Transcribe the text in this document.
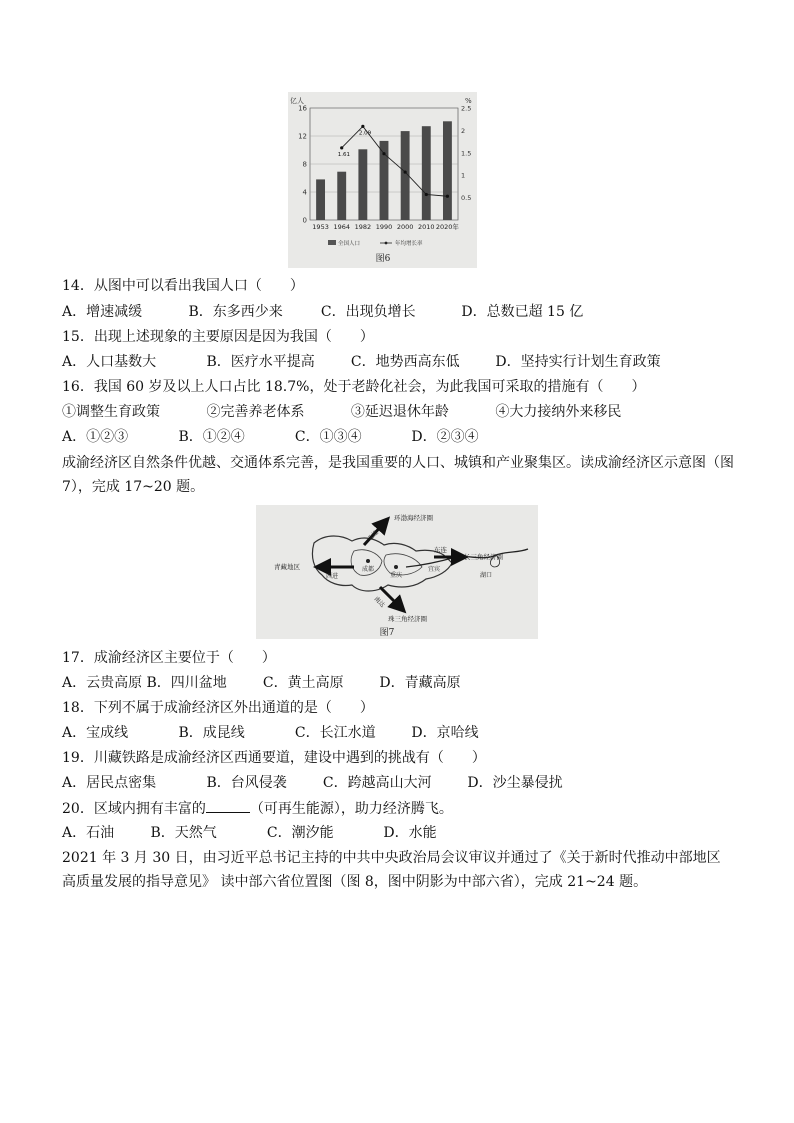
亿人	%
1.61
2.09
16
12
8
4
0
2.5
2
1.5
1
0.5
1953 1964 1982 1990 2000 2010 2020年
全国人口	年均增长率
图6
14．从图中可以看出我国人口（　　）
A．增速减缓	B．东多西少来	C．出现负增长	D．总数已超 15 亿
15．出现上述现象的主要原因是因为我国（　　）
A．人口基数大	B．医疗水平提高	C．地势西高东低	D．坚持实行计划生育政策
16．我国 60 岁及以上人口占比 18.7%，处于老龄化社会，为此我国可采取的措施有（　　）
①调整生育政策	②完善养老体系	③延迟退休年龄	④大力接纳外来移民
A．①②③	B．①②④	C．①③④	D．②③④
成渝经济区自然条件优越、交通体系完善，是我国重要的人口、城镇和产业聚集区。读成渝经济区示意图（图7），完成 17~20 题。
成都
重庆
宜宾
湖口
北连
环渤海经济圈
东连
长三角经济圈
南达
珠三角经济圈
西进
青藏地区
图7
17．成渝经济区主要位于（　　）
A．云贵高原 B．四川盆地	C．黄土高原	D．青藏高原
18．下列不属于成渝经济区外出通道的是（　　）
A．宝成线	B．成昆线	C．长江水道	D．京哈线
19．川藏铁路是成渝经济区西通要道，建设中遇到的挑战有（　　）
A．居民点密集	B．台风侵袭	C．跨越高山大河	D．沙尘暴侵扰
20．区域内拥有丰富的	（可再生能源），助力经济腾飞。
A．石油	B．天然气	C．潮汐能	D．水能
2021 年 3 月 30 日，由习近平总书记主持的中共中央政治局会议审议并通过了《关于新时代推动中部地区高质量发展的指导意见》 读中部六省位置图（图 8，图中阴影为中部六省），完成 21~24 题。
